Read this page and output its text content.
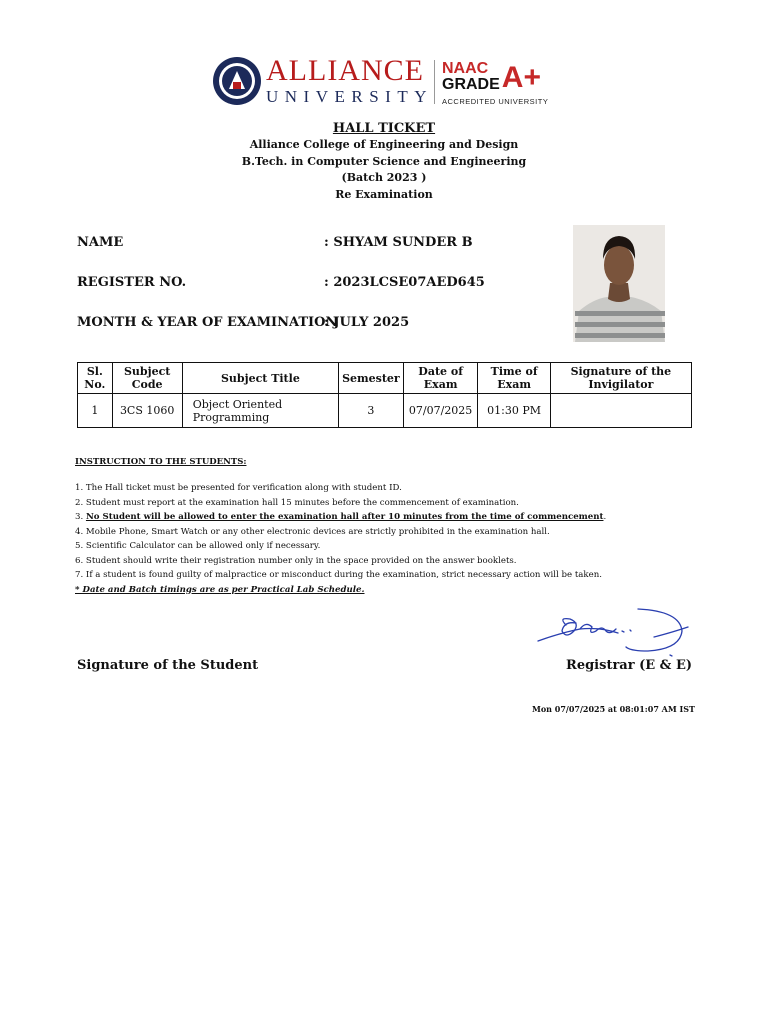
ALLIANCE
UNIVERSITY
NAAC
GRADE A+
ACCREDITED UNIVERSITY
HALL TICKET
Alliance College of Engineering and Design
B.Tech. in Computer Science and Engineering
(Batch 2023 )
Re Examination
NAME	: SHYAM SUNDER B
REGISTER NO.	: 2023LCSE07AED645
MONTH & YEAR OF EXAMINATION
: JULY 2025
Sl. No.	Subject Code	Subject Title	Semester	Date of Exam	Time of Exam	Signature of the Invigilator
1	3CS 1060	Object Oriented Programming	3	07/07/2025	01:30 PM	
INSTRUCTION TO THE STUDENTS:
1. The Hall ticket must be presented for verification along with student ID.
2. Student must report at the examination hall 15 minutes before the commencement of examination.
3. No Student will be allowed to enter the examination hall after 10 minutes from the time of commencement.
4. Mobile Phone, Smart Watch or any other electronic devices are strictly prohibited in the examination hall.
5. Scientific Calculator can be allowed only if necessary.
6. Student should write their registration number only in the space provided on the answer booklets.
7. If a student is found guilty of malpractice or misconduct during the examination, strict necessary action will be taken.
* Date and Batch timings are as per Practical Lab Schedule.
Signature of the Student	Registrar (E & E)
Mon 07/07/2025 at 08:01:07 AM IST
